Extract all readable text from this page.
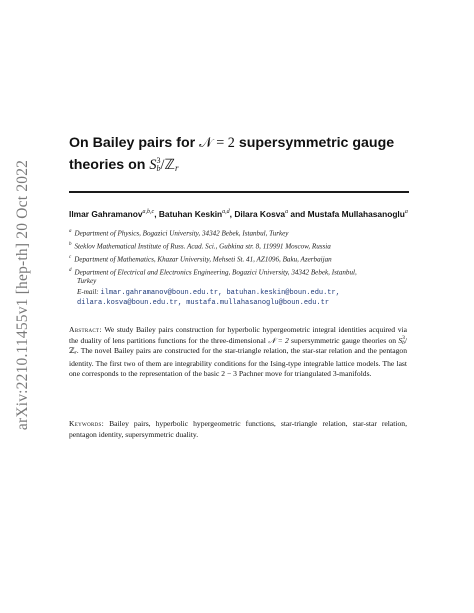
arXiv:2210.11455v1 [hep-th] 20 Oct 2022
On Bailey pairs for 𝒩 = 2 supersymmetric gauge
theories on S 3
b /ℤr
Ilmar Gahramanov$^{a,b,c}$, Batuhan Keskin$^{a,d}$, Dilara Kosva$^a$ and Mustafa Mullahasanoglu$^a$
$^a$ Department of Physics, Bogazici University, 34342 Bebek, Istanbul, Turkey
$^b$ Steklov Mathematical Institute of Russ. Acad. Sci., Gubkina str. 8, 119991 Moscow, Russia
$^c$ Department of Mathematics, Khazar University, Mehseti St. 41, AZ1096, Baku, Azerbaijan
$^d$ Department of Electrical and Electronics Engineering, Bogazici University, 34342 Bebek, Istanbul,
Turkey
E-mail: ilmar.gahramanov@boun.edu.tr, batuhan.keskin@boun.edu.tr,
dilara.kosva@boun.edu.tr, mustafa.mullahasanoglu@boun.edu.tr
Abstract: We study Bailey pairs construction for hyperbolic hypergeometric integral identities acquired via the duality of lens partitions functions for the three-dimensional 𝒩 = 2 supersymmetric gauge theories on S 3
b /ℤr. The novel Bailey pairs are constructed for the star-triangle relation, the star-star relation and the pentagon identity. The first two of them are integrability conditions for the Ising-type integrable lattice models. The last one corresponds to the representation of the basic 2 − 3 Pachner move for triangulated 3-manifolds.
Keywords: Bailey pairs, hyperbolic hypergeometric functions, star-triangle relation, star-star relation, pentagon identity, supersymmetric duality.
